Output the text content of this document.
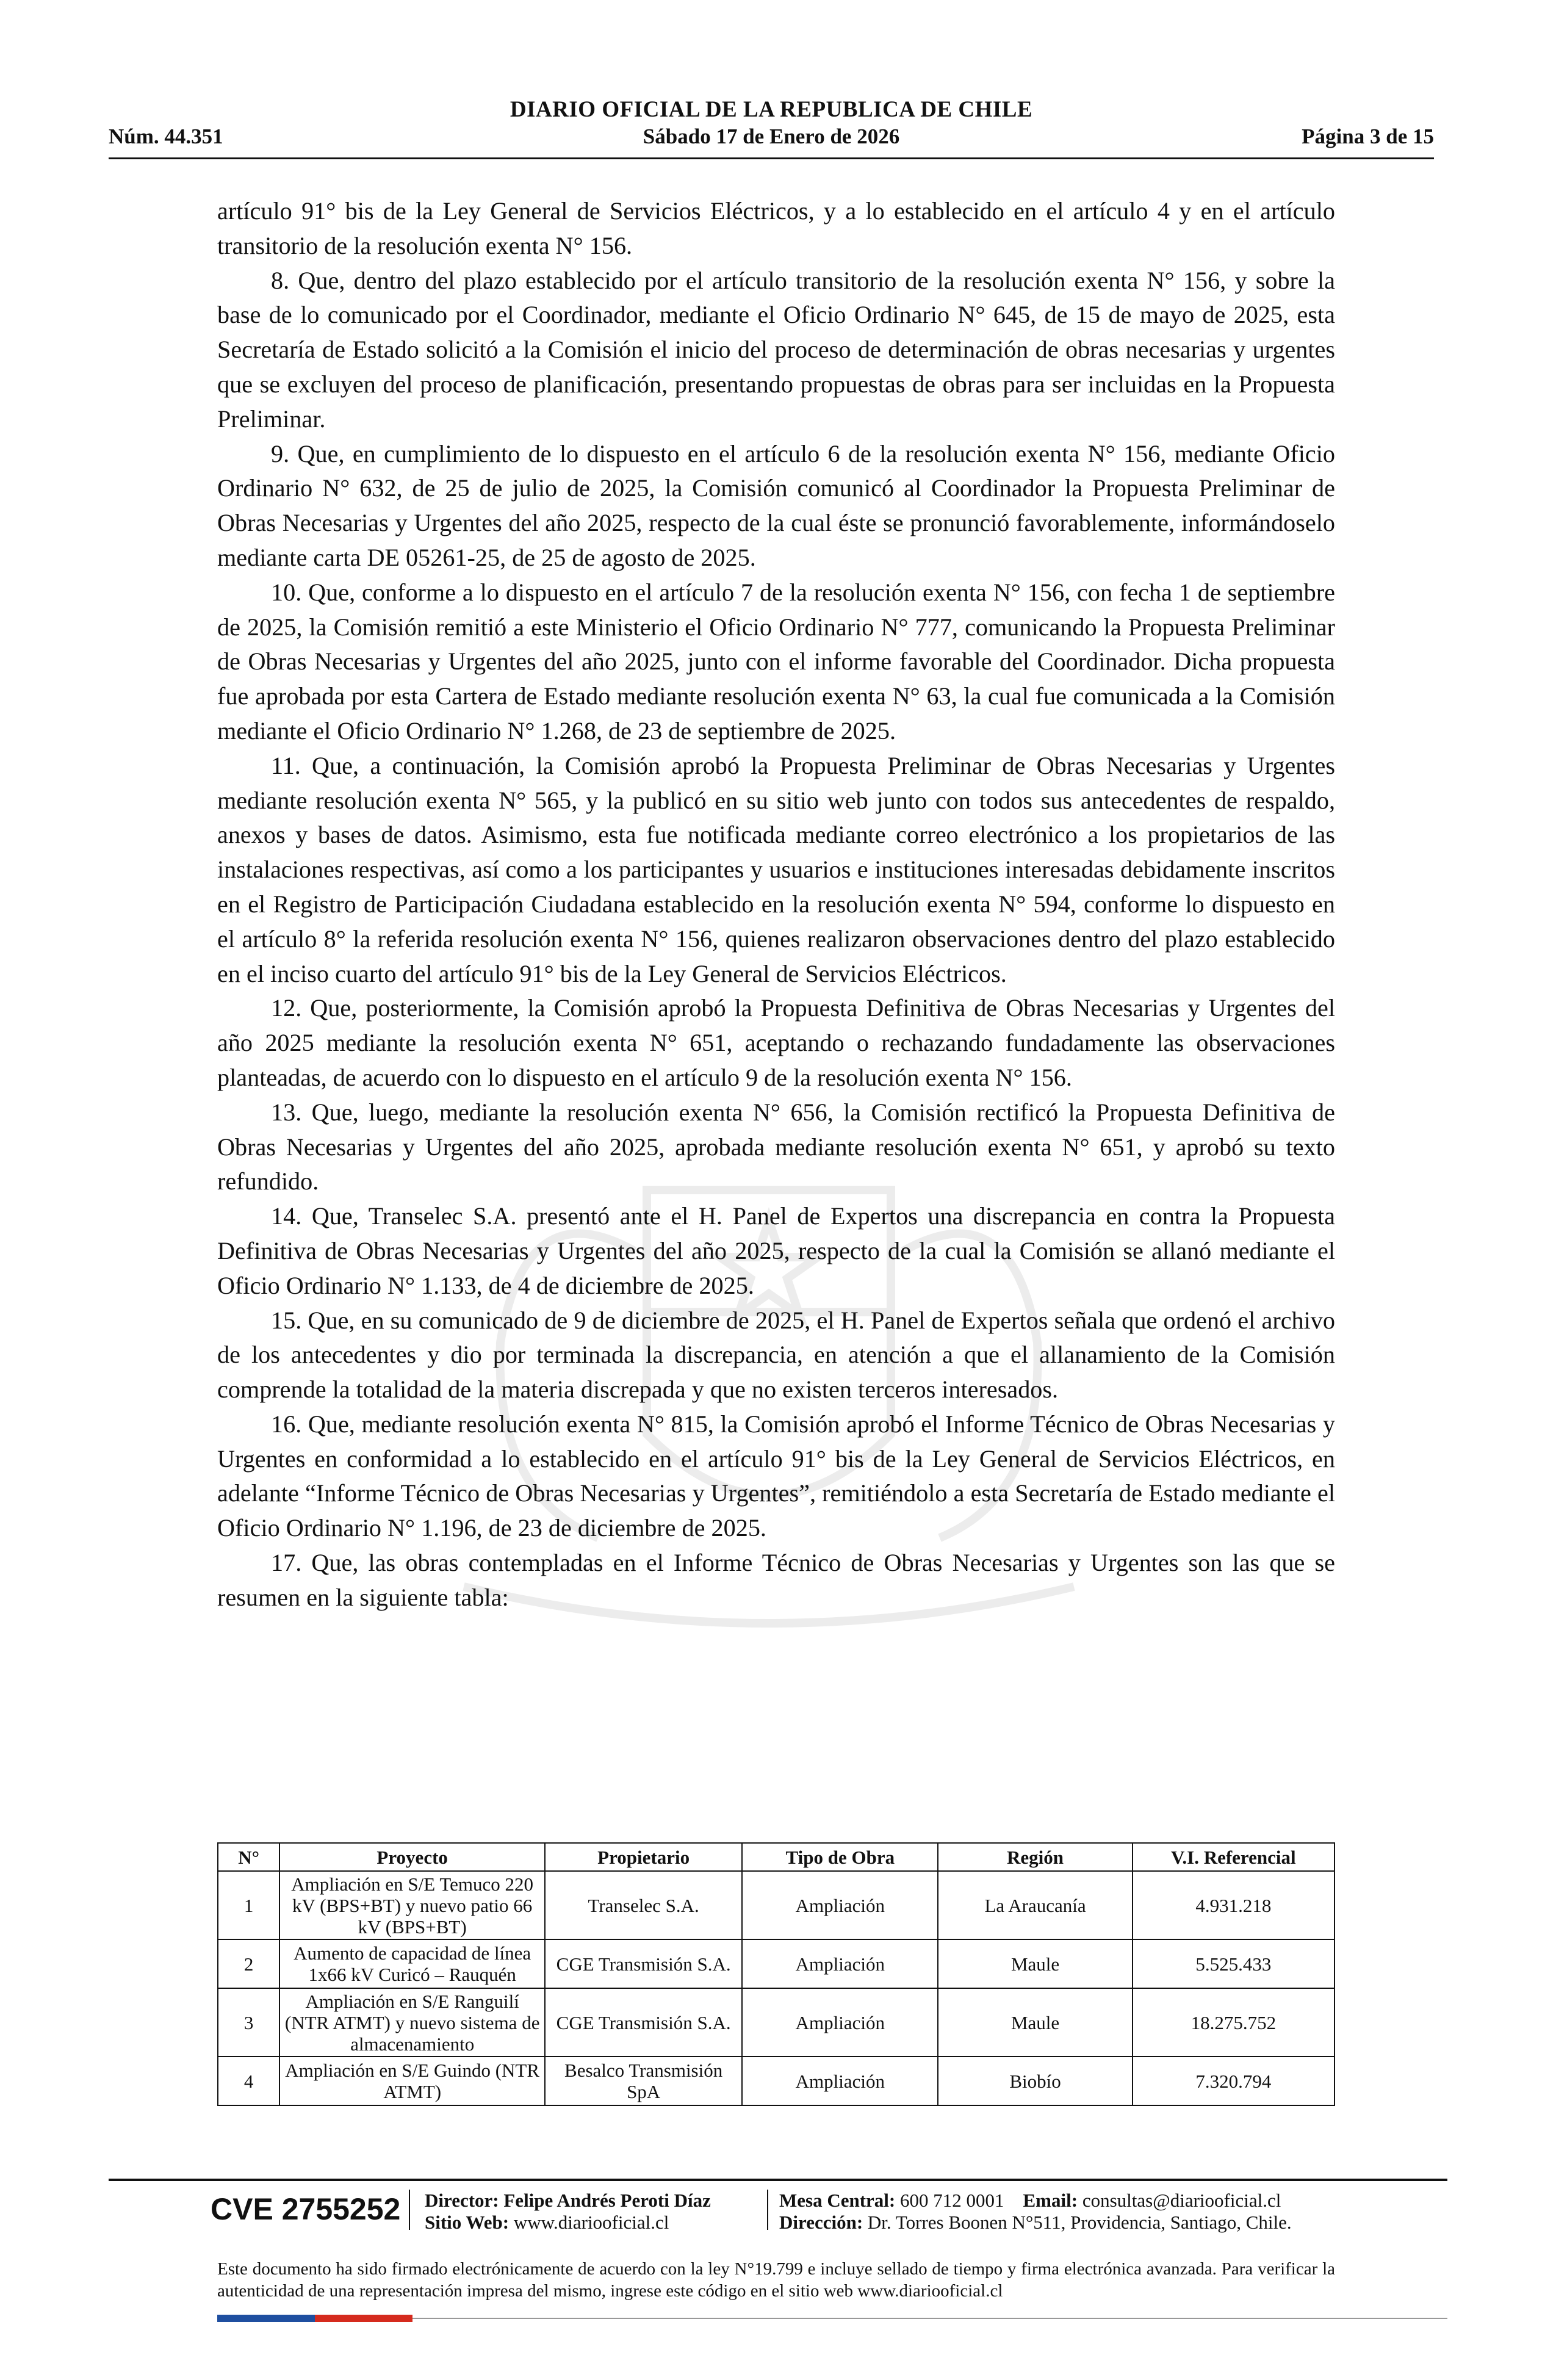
DIARIO OFICIAL DE LA REPUBLICA DE CHILE
Núm. 44.351	Sábado 17 de Enero de 2026	Página 3 de 15

artículo 91° bis de la Ley General de Servicios Eléctricos, y a lo establecido en el artículo 4 y en el artículo transitorio de la resolución exenta N° 156.

8. Que, dentro del plazo establecido por el artículo transitorio de la resolución exenta N° 156, y sobre la base de lo comunicado por el Coordinador, mediante el Oficio Ordinario N° 645, de 15 de mayo de 2025, esta Secretaría de Estado solicitó a la Comisión el inicio del proceso de determinación de obras necesarias y urgentes que se excluyen del proceso de planificación, presentando propuestas de obras para ser incluidas en la Propuesta Preliminar.

9. Que, en cumplimiento de lo dispuesto en el artículo 6 de la resolución exenta N° 156, mediante Oficio Ordinario N° 632, de 25 de julio de 2025, la Comisión comunicó al Coordinador la Propuesta Preliminar de Obras Necesarias y Urgentes del año 2025, respecto de la cual éste se pronunció favorablemente, informándoselo mediante carta DE 05261-25, de 25 de agosto de 2025.

10. Que, conforme a lo dispuesto en el artículo 7 de la resolución exenta N° 156, con fecha 1 de septiembre de 2025, la Comisión remitió a este Ministerio el Oficio Ordinario N° 777, comunicando la Propuesta Preliminar de Obras Necesarias y Urgentes del año 2025, junto con el informe favorable del Coordinador. Dicha propuesta fue aprobada por esta Cartera de Estado mediante resolución exenta N° 63, la cual fue comunicada a la Comisión mediante el Oficio Ordinario N° 1.268, de 23 de septiembre de 2025.

11. Que, a continuación, la Comisión aprobó la Propuesta Preliminar de Obras Necesarias y Urgentes mediante resolución exenta N° 565, y la publicó en su sitio web junto con todos sus antecedentes de respaldo, anexos y bases de datos. Asimismo, esta fue notificada mediante correo electrónico a los propietarios de las instalaciones respectivas, así como a los participantes y usuarios e instituciones interesadas debidamente inscritos en el Registro de Participación Ciudadana establecido en la resolución exenta N° 594, conforme lo dispuesto en el artículo 8° la referida resolución exenta N° 156, quienes realizaron observaciones dentro del plazo establecido en el inciso cuarto del artículo 91° bis de la Ley General de Servicios Eléctricos.

12. Que, posteriormente, la Comisión aprobó la Propuesta Definitiva de Obras Necesarias y Urgentes del año 2025 mediante la resolución exenta N° 651, aceptando o rechazando fundadamente las observaciones planteadas, de acuerdo con lo dispuesto en el artículo 9 de la resolución exenta N° 156.

13. Que, luego, mediante la resolución exenta N° 656, la Comisión rectificó la Propuesta Definitiva de Obras Necesarias y Urgentes del año 2025, aprobada mediante resolución exenta N° 651, y aprobó su texto refundido.

14. Que, Transelec S.A. presentó ante el H. Panel de Expertos una discrepancia en contra la Propuesta Definitiva de Obras Necesarias y Urgentes del año 2025, respecto de la cual la Comisión se allanó mediante el Oficio Ordinario N° 1.133, de 4 de diciembre de 2025.

15. Que, en su comunicado de 9 de diciembre de 2025, el H. Panel de Expertos señala que ordenó el archivo de los antecedentes y dio por terminada la discrepancia, en atención a que el allanamiento de la Comisión comprende la totalidad de la materia discrepada y que no existen terceros interesados.

16. Que, mediante resolución exenta N° 815, la Comisión aprobó el Informe Técnico de Obras Necesarias y Urgentes en conformidad a lo establecido en el artículo 91° bis de la Ley General de Servicios Eléctricos, en adelante “Informe Técnico de Obras Necesarias y Urgentes”, remitiéndolo a esta Secretaría de Estado mediante el Oficio Ordinario N° 1.196, de 23 de diciembre de 2025.

17. Que, las obras contempladas en el Informe Técnico de Obras Necesarias y Urgentes son las que se resumen en la siguiente tabla:

N°	Proyecto	Propietario	Tipo de Obra	Región	V.I. Referencial
1	Ampliación en S/E Temuco 220 kV (BPS+BT) y nuevo patio 66 kV (BPS+BT)	Transelec S.A.	Ampliación	La Araucanía	4.931.218
2	Aumento de capacidad de línea 1x66 kV Curicó – Rauquén	CGE Transmisión S.A.	Ampliación	Maule	5.525.433
3	Ampliación en S/E Ranguilí (NTR ATMT) y nuevo sistema de almacenamiento	CGE Transmisión S.A.	Ampliación	Maule	18.275.752
4	Ampliación en S/E Guindo (NTR ATMT)	Besalco Transmisión SpA	Ampliación	Biobío	7.320.794
CVE 2755252 Director: Felipe Andrés Peroti Díaz
Sitio Web: www.diariooficial.cl
Mesa Central: 600 712 0001 Email: consultas@diariooficial.cl
Dirección: Dr. Torres Boonen N°511, Providencia, Santiago, Chile.
Este documento ha sido firmado electrónicamente de acuerdo con la ley N°19.799 e incluye sellado de tiempo y firma electrónica avanzada. Para verificar la autenticidad de una representación impresa del mismo, ingrese este código en el sitio web www.diariooficial.cl
